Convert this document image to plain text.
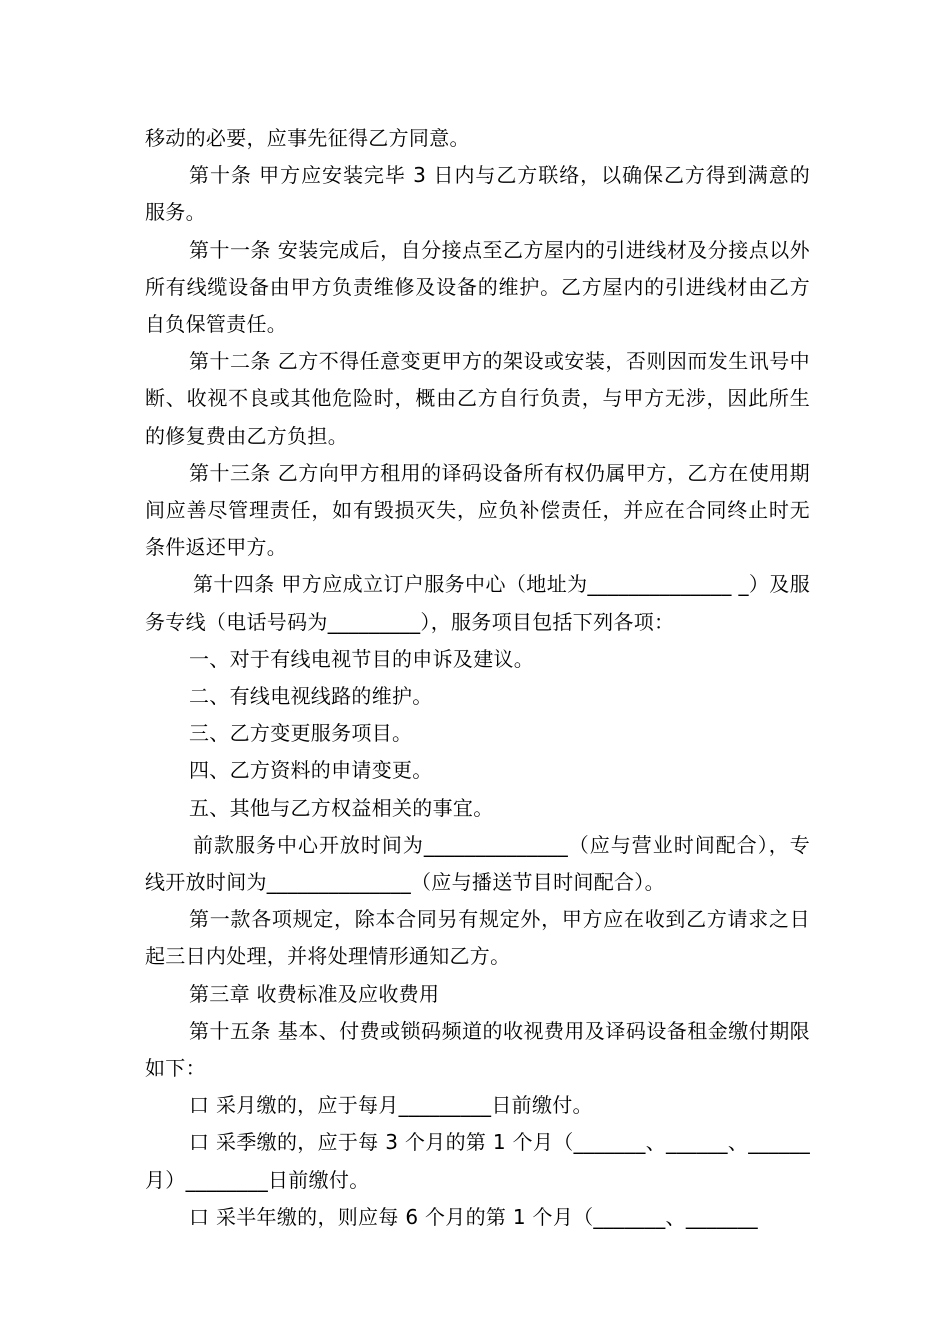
移动的必要，应事先征得乙方同意。

第十条 甲方应安装完毕 3 日内与乙方联络，以确保乙方得到满意的服务。

第十一条 安装完成后，自分接点至乙方屋内的引进线材及分接点以外所有线缆设备由甲方负责维修及设备的维护。乙方屋内的引进线材由乙方自负保管责任。

第十二条 乙方不得任意变更甲方的架设或安装，否则因而发生讯号中断、收视不良或其他危险时，概由乙方自行负责，与甲方无涉，因此所生的修复费由乙方负担。

第十三条 乙方向甲方租用的译码设备所有权仍属甲方，乙方在使用期间应善尽管理责任，如有毁损灭失，应负补偿责任，并应在合同终止时无条件返还甲方。

第十四条 甲方应成立订户服务中心（地址为______________ _）及服务专线（电话号码为_________），服务项目包括下列各项：

一、对于有线电视节目的申诉及建议。

二、有线电视线路的维护。

三、乙方变更服务项目。

四、乙方资料的申请变更。

五、其他与乙方权益相关的事宜。

前款服务中心开放时间为______________（应与营业时间配合），专线开放时间为______________（应与播送节目时间配合）。

第一款各项规定，除本合同另有规定外，甲方应在收到乙方请求之日起三日内处理，并将处理情形通知乙方。

第三章 收费标准及应收费用

第十五条 基本、付费或锁码频道的收视费用及译码设备租金缴付期限如下：

口 采月缴的，应于每月_________日前缴付。

口 采季缴的，应于每 3 个月的第 1 个月（_______、______、______月）________日前缴付。

口 采半年缴的，则应每 6 个月的第 1 个月（_______、_______
